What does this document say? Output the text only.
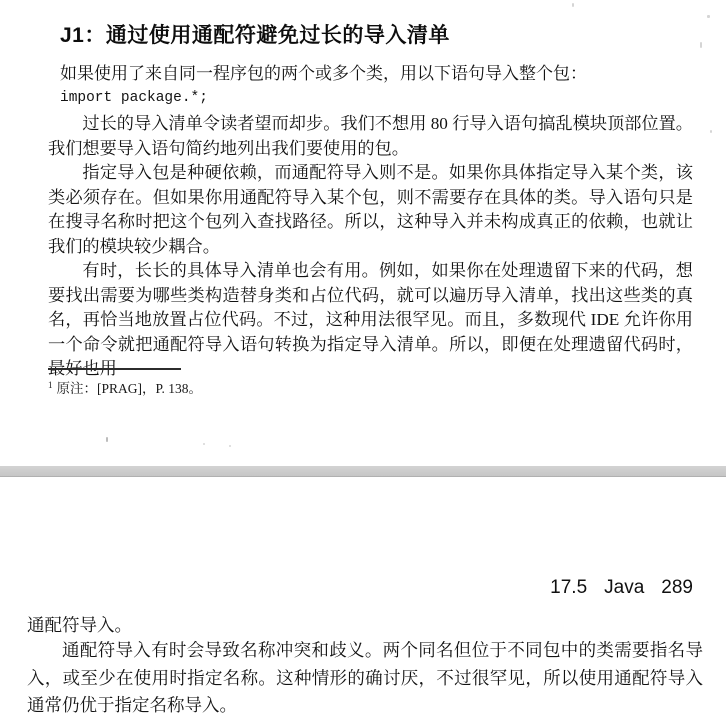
J1：通过使用通配符避免过长的导入清单

如果使用了来自同一程序包的两个或多个类，用以下语句导入整个包：

import package.*;

过长的导入清单令读者望而却步。我们不想用 80 行导入语句搞乱模块顶部位置。我们想要导入语句简约地列出我们要使用的包。

指定导入包是种硬依赖，而通配符导入则不是。如果你具体指定导入某个类，该类必须存在。但如果你用通配符导入某个包，则不需要存在具体的类。导入语句只是在搜寻名称时把这个包列入查找路径。所以，这种导入并未构成真正的依赖，也就让我们的模块较少耦合。

有时，长长的具体导入清单也会有用。例如，如果你在处理遗留下来的代码，想要找出需要为哪些类构造替身类和占位代码，就可以遍历导入清单，找出这些类的真名，再恰当地放置占位代码。不过，这种用法很罕见。而且，多数现代 IDE 允许你用一个命令就把通配符导入语句转换为指定导入清单。所以，即便在处理遗留代码时，最好也用

$^1$ 原注：[PRAG]，P. 138。

17.5 Java 289

通配符导入。

通配符导入有时会导致名称冲突和歧义。两个同名但位于不同包中的类需要指名导入，或至少在使用时指定名称。这种情形的确讨厌，不过很罕见，所以使用通配符导入通常仍优于指定名称导入。
